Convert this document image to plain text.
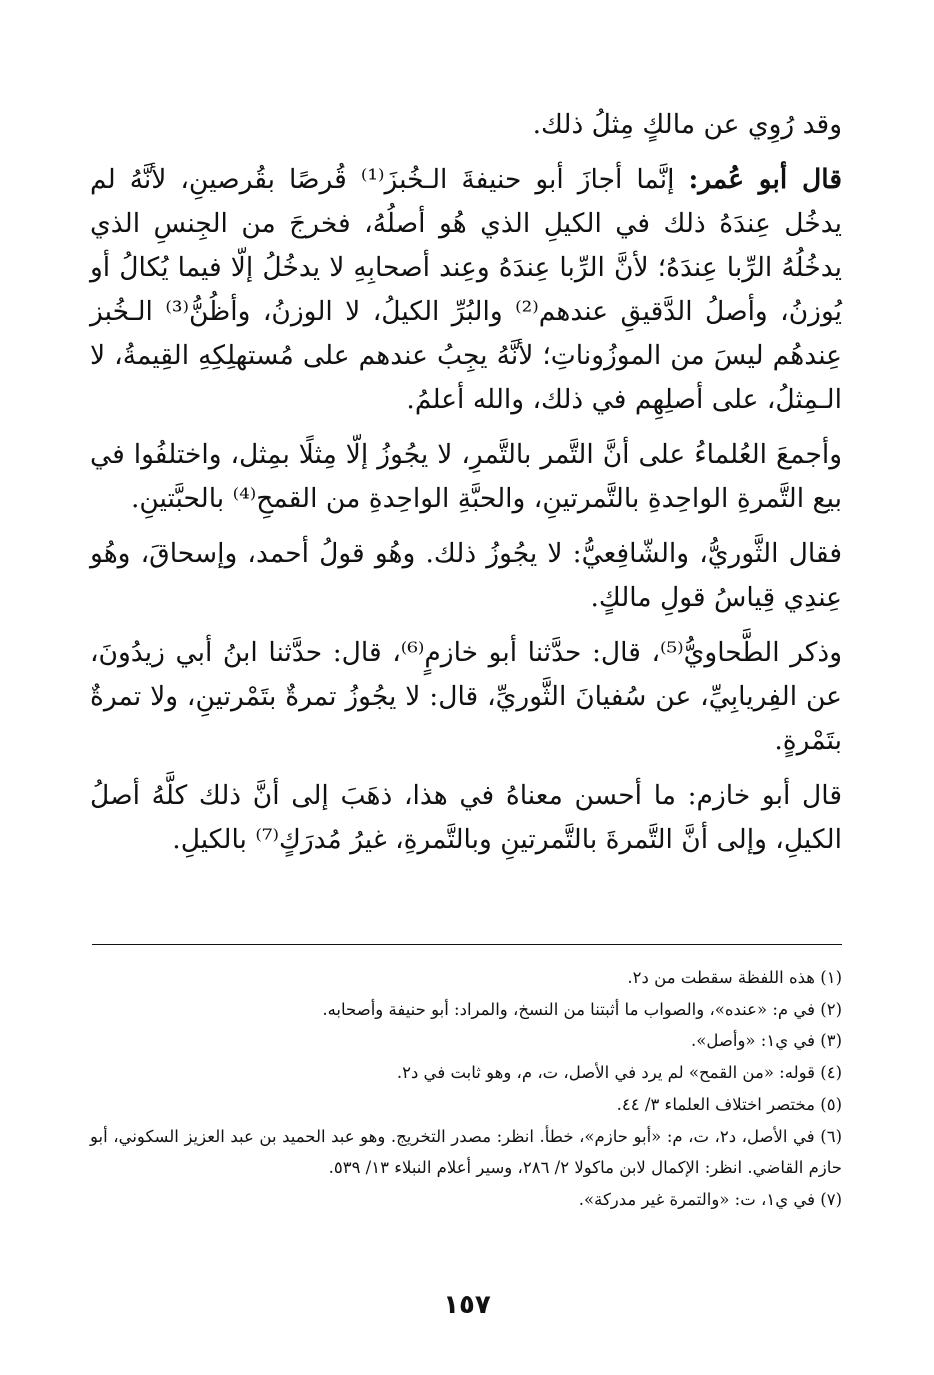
وقد رُوِي عن مالكٍ مِثلُ ذلك.

قال أبو عُمر: إنَّما أجازَ أبو حنيفةَ الـخُبزَ⁽¹⁾ قُرصًا بقُرصينِ، لأنَّهُ لم يدخُل عِندَهُ ذلك في الكيلِ الذي هُو أصلُهُ، فخرجَ من الجِنسِ الذي يدخُلُهُ الرِّبا عِندَهُ؛ لأنَّ الرِّبا عِندَهُ وعِند أصحابِهِ لا يدخُلُ إلّا فيما يُكالُ أو يُوزنُ، وأصلُ الدَّقيقِ عندهم⁽²⁾ والبُرِّ الكيلُ، لا الوزنُ، وأظُنُّ⁽³⁾ الـخُبز عِندهُم ليسَ من الموزُوناتِ؛ لأنَّهُ يجِبُ عندهم على مُستهلِكِهِ القِيمةُ، لا الـمِثلُ، على أصلِهِم في ذلك، والله أعلمُ.

وأجمعَ العُلماءُ على أنَّ التَّمر بالتَّمرِ، لا يجُوزُ إلّا مِثلًا بمِثل، واختلفُوا في بيع التَّمرةِ الواحِدةِ بالتَّمرتينِ، والحبَّةِ الواحِدةِ من القمحِ⁽⁴⁾ بالحبَّتينِ.

فقال الثَّوريُّ، والشّافِعيُّ: لا يجُوزُ ذلك. وهُو قولُ أحمد، وإسحاقَ، وهُو عِندِي قِياسُ قولِ مالكٍ.

وذكر الطَّحاويُّ⁽⁵⁾، قال: حدَّثنا أبو خازمٍ⁽⁶⁾، قال: حدَّثنا ابنُ أبي زيدُونَ، عن الفِريابِيِّ، عن سُفيانَ الثَّوريِّ، قال: لا يجُوزُ تمرةٌ بتَمْرتينِ، ولا تمرةٌ بتَمْرةٍ.

قال أبو خازم: ما أحسن معناهُ في هذا، ذهَبَ إلى أنَّ ذلك كلَّهُ أصلُ الكيلِ، وإلى أنَّ التَّمرةَ بالتَّمرتينِ وبالتَّمرةِ، غيرُ مُدرَكٍ⁽⁷⁾ بالكيلِ.

(١) هذه اللفظة سقطت من د٢.

(٢) في م: «عنده»، والصواب ما أثبتنا من النسخ، والمراد: أبو حنيفة وأصحابه.

(٣) في ي١: «وأصل».

(٤) قوله: «من القمح» لم يرد في الأصل، ت، م، وهو ثابت في د٢.

(٥) مختصر اختلاف العلماء ٣/ ٤٤.

(٦) في الأصل، د٢، ت، م: «أبو حازم»، خطأ. انظر: مصدر التخريج. وهو عبد الحميد بن عبد العزيز السكوني، أبو حازم القاضي. انظر: الإكمال لابن ماكولا ٢/ ٢٨٦، وسير أعلام النبلاء ١٣/ ٥٣٩.

(٧) في ي١، ت: «والتمرة غير مدركة».

١٥٧
